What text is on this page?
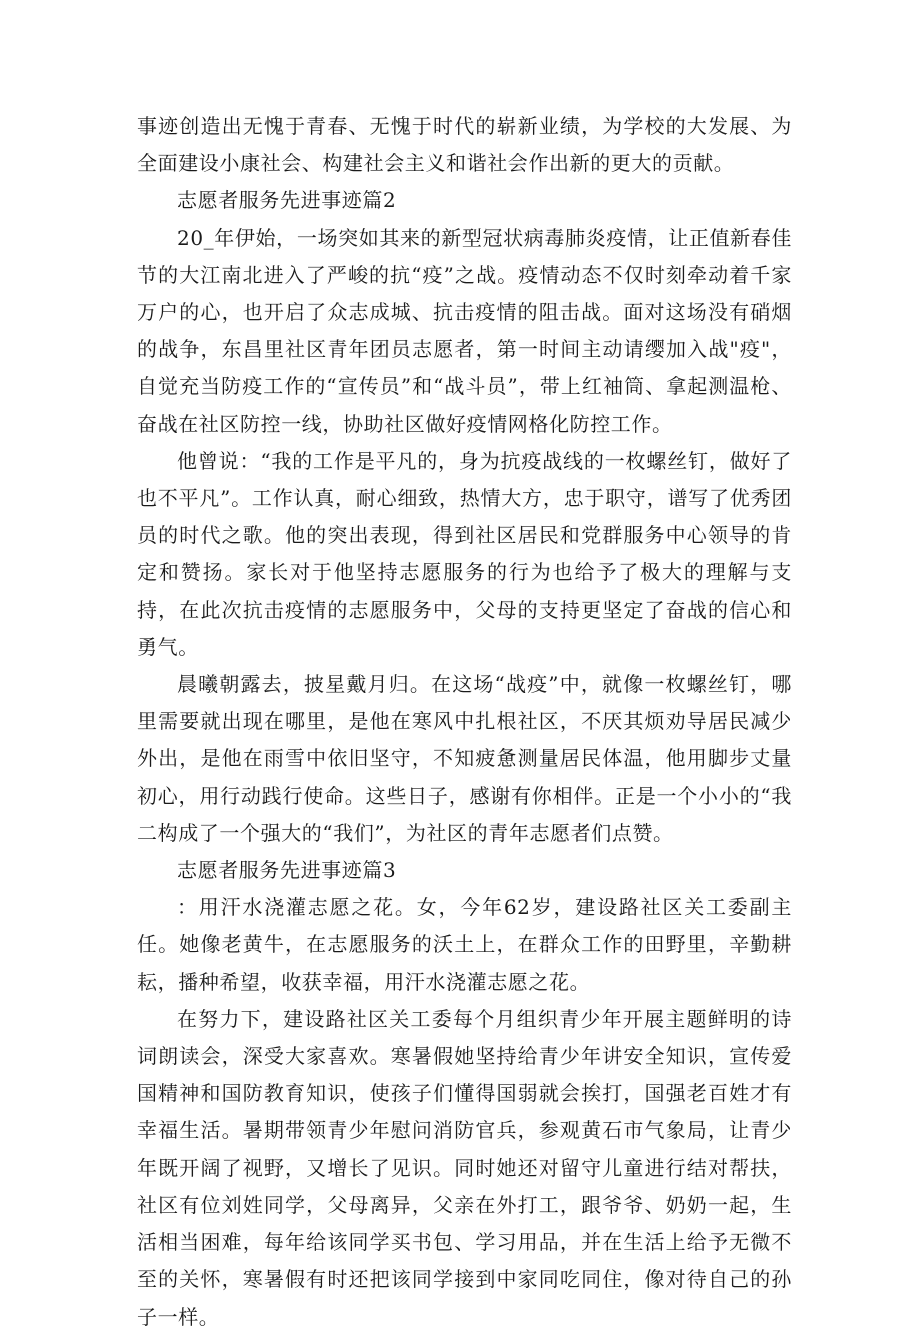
事迹创造出无愧于青春、无愧于时代的崭新业绩，为学校的大发展、为全面建设小康社会、构建社会主义和谐社会作出新的更大的贡献。

志愿者服务先进事迹篇2

20_年伊始，一场突如其来的新型冠状病毒肺炎疫情，让正值新春佳节的大江南北进入了严峻的抗“疫”之战。疫情动态不仅时刻牵动着千家万户的心，也开启了众志成城、抗击疫情的阻击战。面对这场没有硝烟的战争，东昌里社区青年团员志愿者，第一时间主动请缨加入战"疫"，自觉充当防疫工作的“宣传员”和“战斗员”，带上红袖筒、拿起测温枪、奋战在社区防控一线，协助社区做好疫情网格化防控工作。

他曾说：“我的工作是平凡的，身为抗疫战线的一枚螺丝钉，做好了也不平凡”。工作认真，耐心细致，热情大方，忠于职守，谱写了优秀团员的时代之歌。他的突出表现，得到社区居民和党群服务中心领导的肯定和赞扬。家长对于他坚持志愿服务的行为也给予了极大的理解与支持，在此次抗击疫情的志愿服务中，父母的支持更坚定了奋战的信心和勇气。

晨曦朝露去，披星戴月归。在这场“战疫”中，就像一枚螺丝钉，哪里需要就出现在哪里，是他在寒风中扎根社区，不厌其烦劝导居民减少外出，是他在雨雪中依旧坚守，不知疲惫测量居民体温，他用脚步丈量初心，用行动践行使命。这些日子，感谢有你相伴。正是一个小小的“我二构成了一个强大的“我们”，为社区的青年志愿者们点赞。

志愿者服务先进事迹篇3

：用汗水浇灌志愿之花。女，今年62岁，建设路社区关工委副主任。她像老黄牛，在志愿服务的沃土上，在群众工作的田野里，辛勤耕耘，播种希望，收获幸福，用汗水浇灌志愿之花。

在努力下，建设路社区关工委每个月组织青少年开展主题鲜明的诗词朗读会，深受大家喜欢。寒暑假她坚持给青少年讲安全知识，宣传爱国精神和国防教育知识，使孩子们懂得国弱就会挨打，国强老百姓才有幸福生活。暑期带领青少年慰问消防官兵，参观黄石市气象局，让青少年既开阔了视野，又增长了见识。同时她还对留守儿童进行结对帮扶，社区有位刘姓同学，父母离异，父亲在外打工，跟爷爷、奶奶一起，生活相当困难，每年给该同学买书包、学习用品，并在生活上给予无微不至的关怀，寒暑假有时还把该同学接到中家同吃同住，像对待自己的孙子一样。
